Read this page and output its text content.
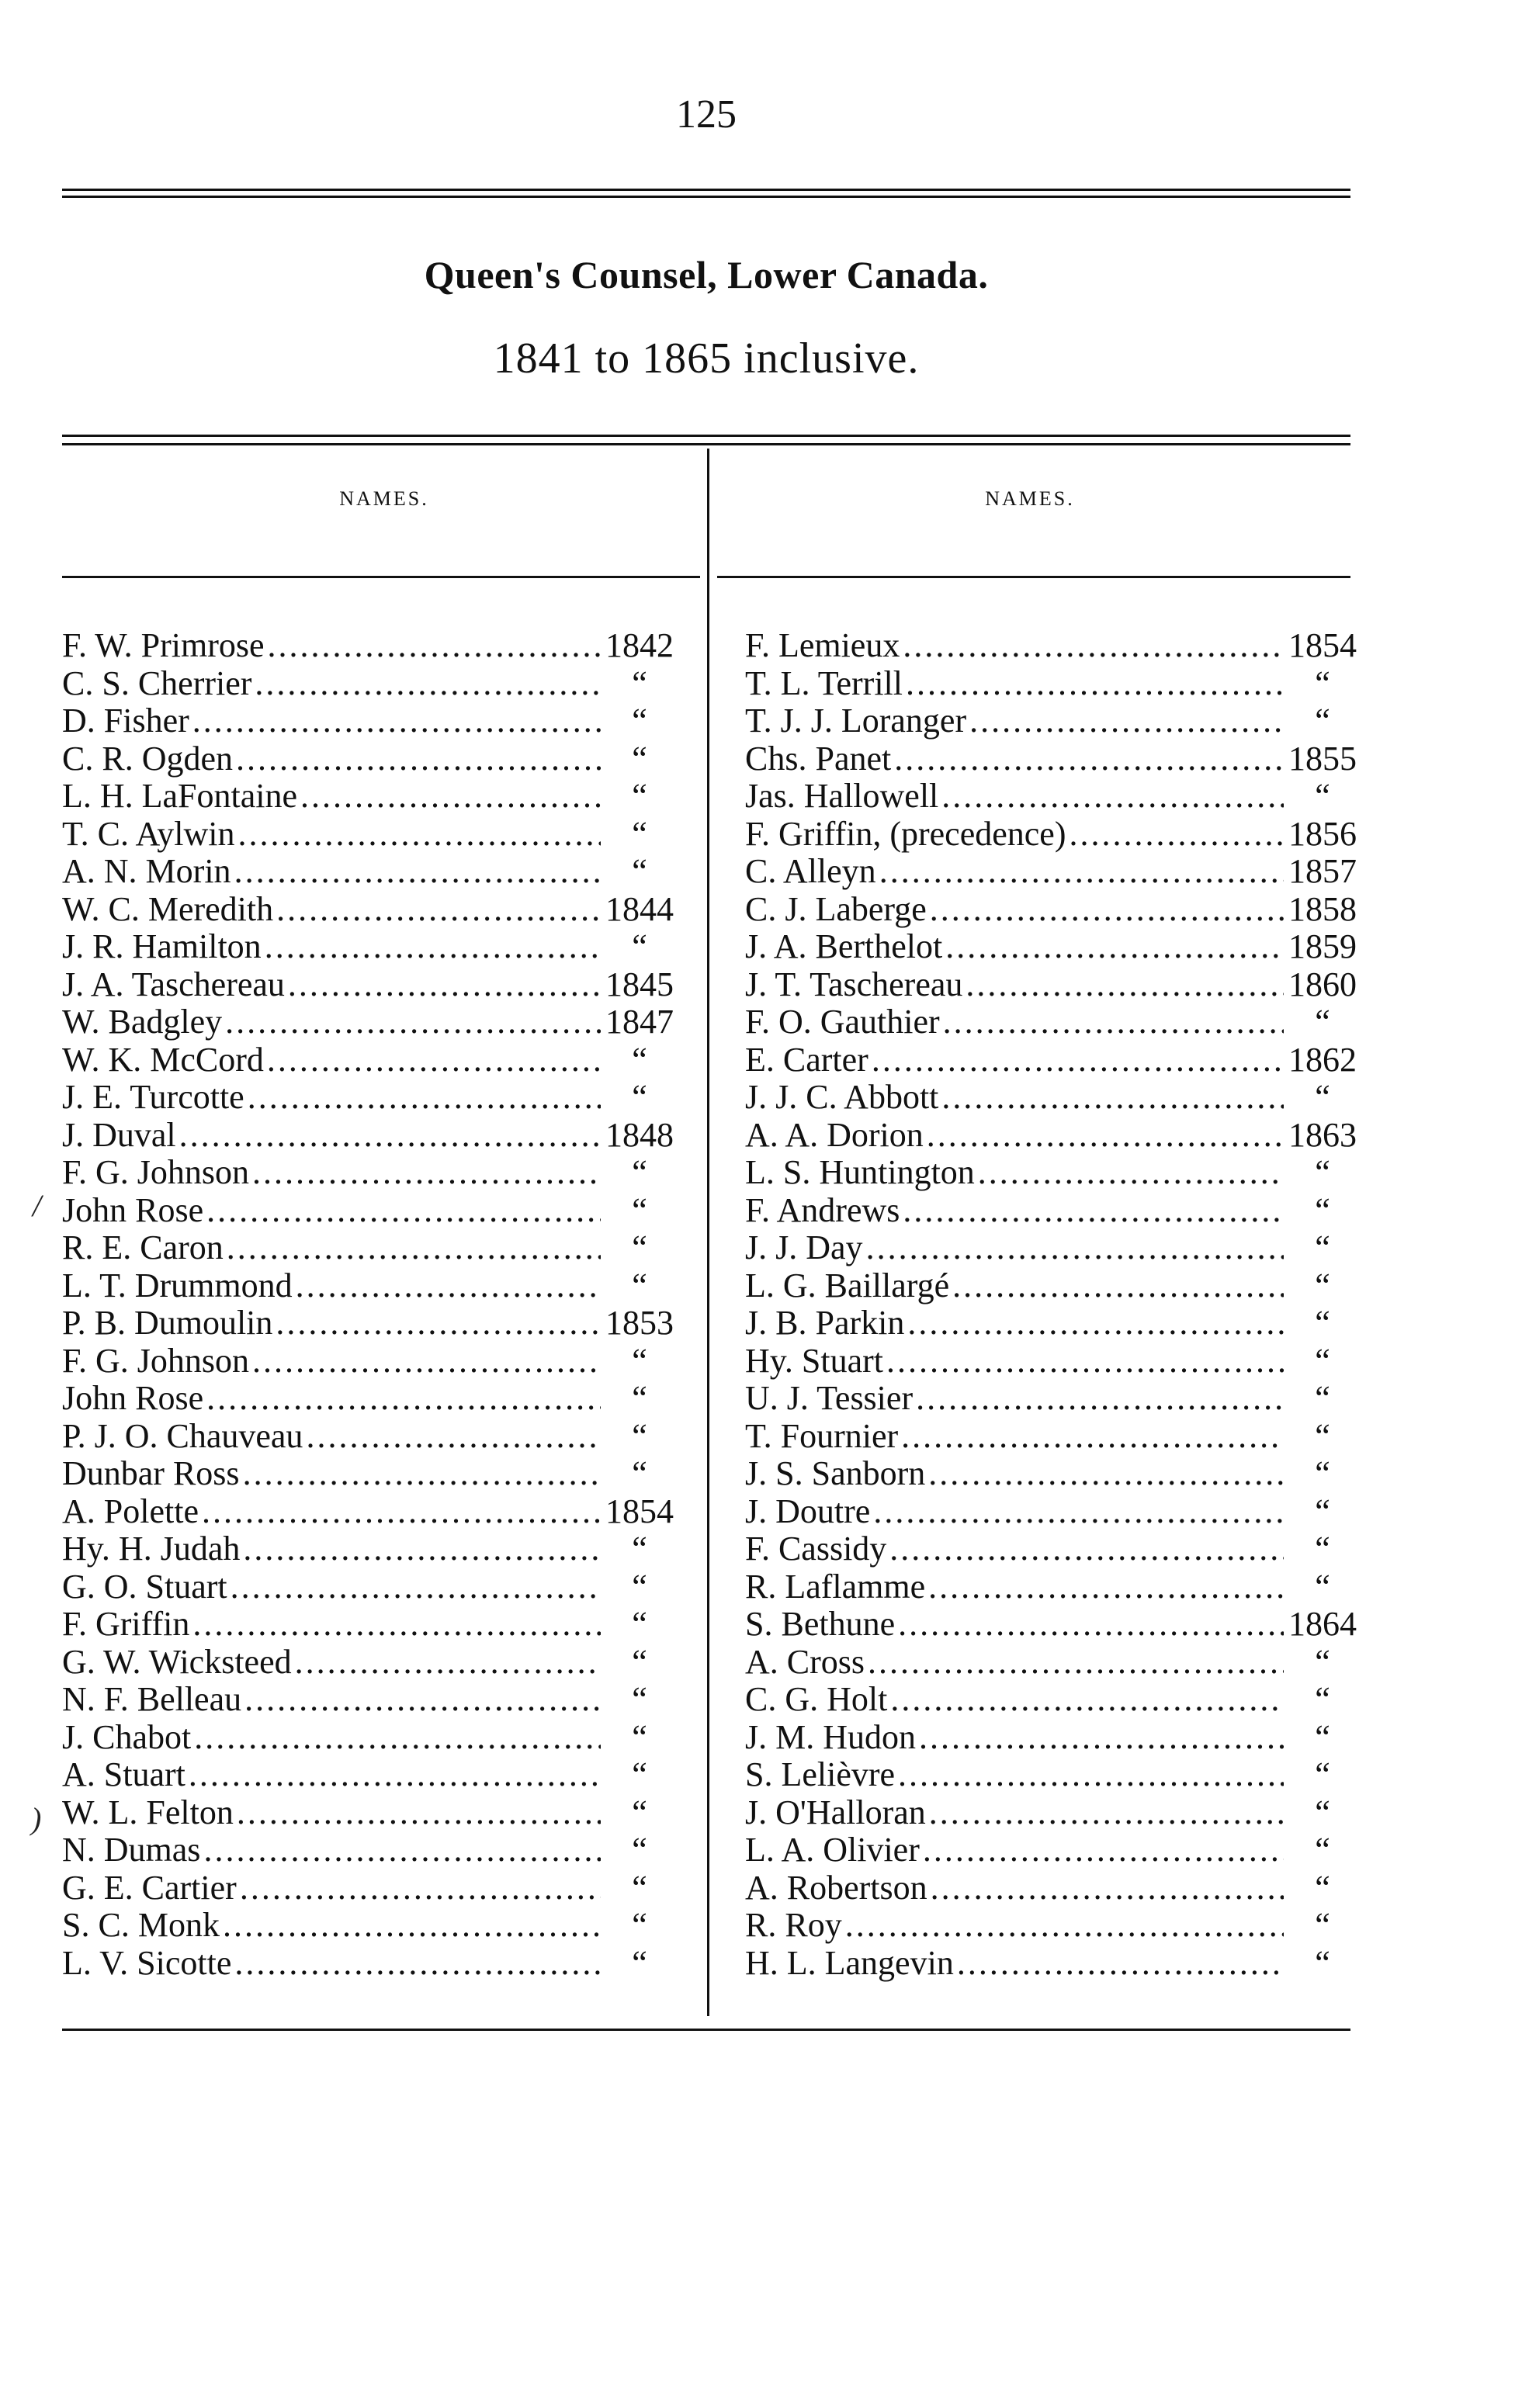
125
Queen's Counsel, Lower Canada.
1841 to 1865 inclusive.
NAMES.	NAMES.
F. W. Primrose .....	1842
C. S. Cherrier .....	“
D. Fisher .....	“
C. R. Ogden .....	“
L. H. LaFontaine .....	“
T. C. Aylwin .....	“
A. N. Morin .....	“
W. C. Meredith .....	1844
J. R. Hamilton .....	“
J. A. Taschereau .....	1845
W. Badgley .....	1847
W. K. McCord .....	“
J. E. Turcotte .....	“
J. Duval .....	1848
F. G. Johnson .....	“
John Rose .....	“
R. E. Caron .....	“
L. T. Drummond .....	“
P. B. Dumoulin .....	1853
F. G. Johnson .....	“
John Rose .....	“
P. J. O. Chauveau .....	“
Dunbar Ross .....	“
A. Polette .....	1854
Hy. H. Judah .....	“
G. O. Stuart .....	“
F. Griffin .....	“
G. W. Wicksteed .....	“
N. F. Belleau .....	“
J. Chabot .....	“
A. Stuart .....	“
W. L. Felton .....	“
N. Dumas .....	“
G. E. Cartier .....	“
S. C. Monk .....	“
L. V. Sicotte .....	“
F. Lemieux .....	1854
T. L. Terrill .....	“
T. J. J. Loranger .....	“
Chs. Panet .....	1855
Jas. Hallowell .....	“
F. Griffin, (precedence) .....	1856
C. Alleyn .....	1857
C. J. Laberge .....	1858
J. A. Berthelot .....	1859
J. T. Taschereau .....	1860
F. O. Gauthier .....	“
E. Carter .....	1862
J. J. C. Abbott .....	“
A. A. Dorion .....	1863
L. S. Huntington .....	“
F. Andrews .....	“
J. J. Day .....	“
L. G. Baillargé .....	“
J. B. Parkin .....	“
Hy. Stuart .....	“
U. J. Tessier .....	“
T. Fournier .....	“
J. S. Sanborn .....	“
J. Doutre .....	“
F. Cassidy .....	“
R. Laflamme .....	“
S. Bethune .....	1864
A. Cross .....	“
C. G. Holt .....	“
J. M. Hudon .....	“
S. Lelièvre .....	“
J. O'Halloran .....	“
L. A. Olivier .....	“
A. Robertson .....	“
R. Roy .....	“
H. L. Langevin .....	“
/
)
